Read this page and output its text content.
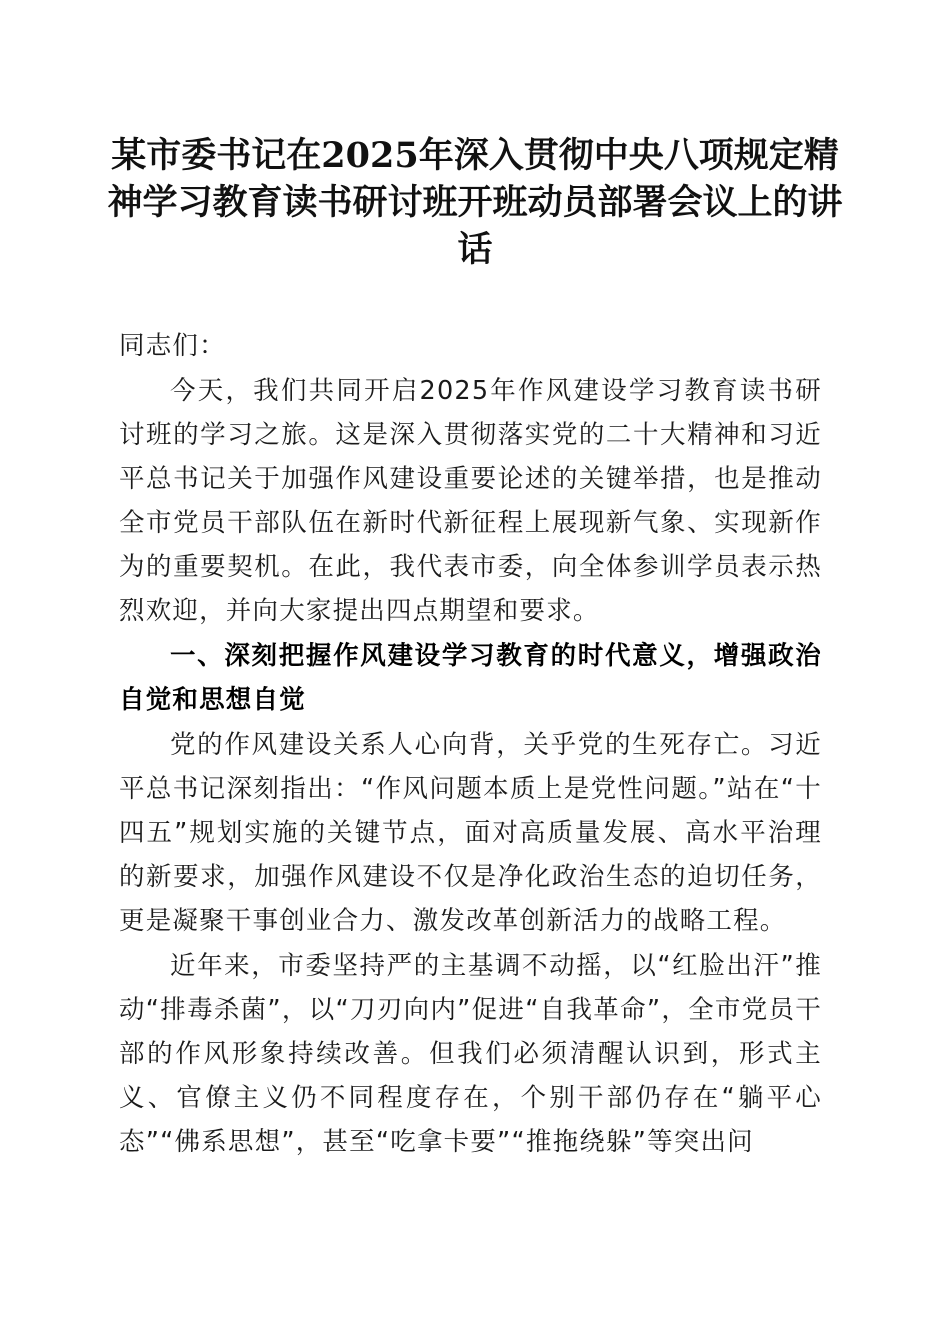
某市委书记在2025年深入贯彻中央八项规定精神学习教育读书研讨班开班动员部署会议上的讲话

同志们：

今天，我们共同开启2025年作风建设学习教育读书研讨班的学习之旅。这是深入贯彻落实党的二十大精神和习近平总书记关于加强作风建设重要论述的关键举措，也是推动全市党员干部队伍在新时代新征程上展现新气象、实现新作为的重要契机。在此，我代表市委，向全体参训学员表示热烈欢迎，并向大家提出四点期望和要求。

一、深刻把握作风建设学习教育的时代意义，增强政治自觉和思想自觉

党的作风建设关系人心向背，关乎党的生死存亡。习近平总书记深刻指出：“作风问题本质上是党性问题。”站在“十四五”规划实施的关键节点，面对高质量发展、高水平治理的新要求，加强作风建设不仅是净化政治生态的迫切任务，更是凝聚干事创业合力、激发改革创新活力的战略工程。

近年来，市委坚持严的主基调不动摇，以“红脸出汗”推动“排毒杀菌”，以“刀刃向内”促进“自我革命”，全市党员干部的作风形象持续改善。但我们必须清醒认识到，形式主义、官僚主义仍不同程度存在，个别干部仍存在“躺平心态”“佛系思想”，甚至“吃拿卡要”“推拖绕躲”等突出问
